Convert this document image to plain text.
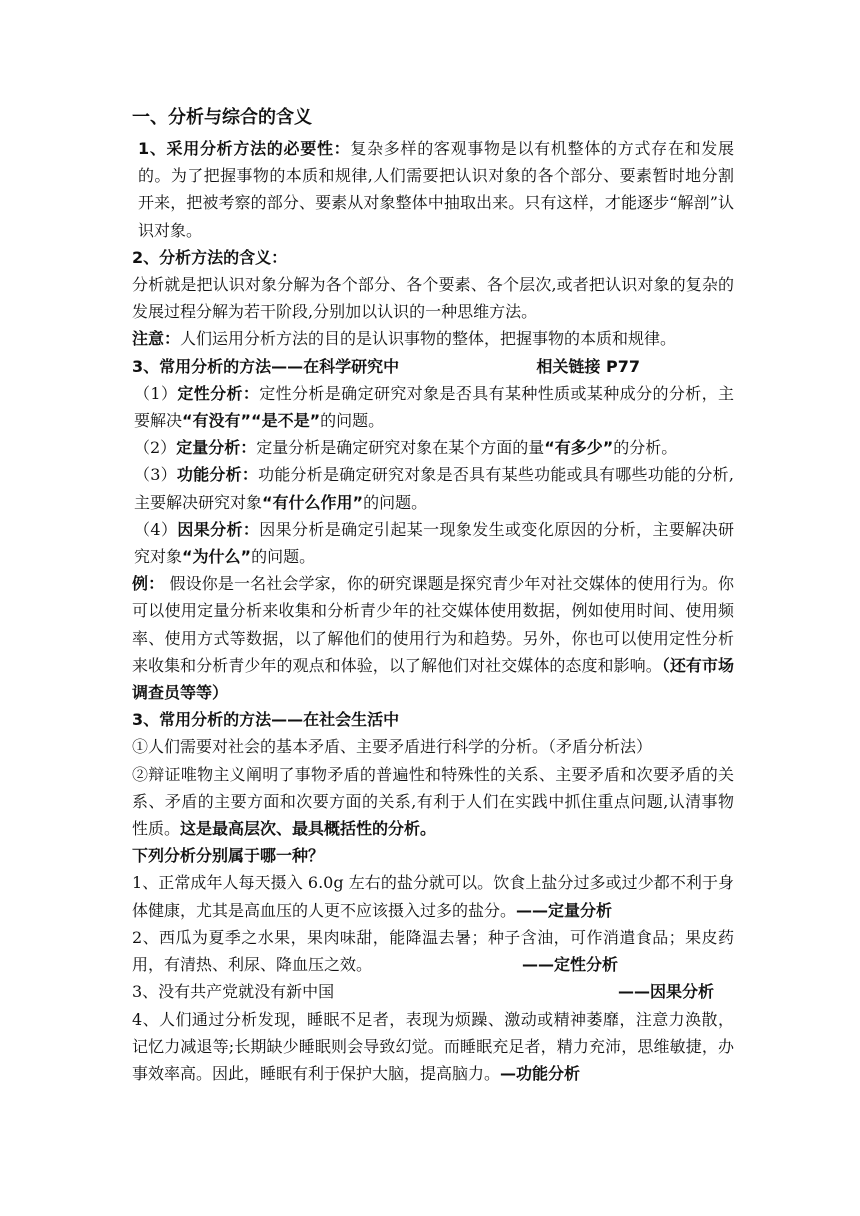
一、分析与综合的含义

1、采用分析方法的必要性：复杂多样的客观事物是以有机整体的方式存在和发展的。为了把握事物的本质和规律,人们需要把认识对象的各个部分、要素暂时地分割开来，把被考察的部分、要素从对象整体中抽取出来。只有这样，才能逐步“解剖”认识对象。

2、分析方法的含义：

分析就是把认识对象分解为各个部分、各个要素、各个层次,或者把认识对象的复杂的发展过程分解为若干阶段,分别加以认识的一种思维方法。

注意：人们运用分析方法的目的是认识事物的整体，把握事物的本质和规律。

3、常用分析的方法——在科学研究中	相关链接 P77

（1）定性分析：定性分析是确定研究对象是否具有某种性质或某种成分的分析，主要解决“有没有”“是不是”的问题。

（2）定量分析：定量分析是确定研究对象在某个方面的量“有多少”的分析。

（3）功能分析：功能分析是确定研究对象是否具有某些功能或具有哪些功能的分析,主要解决研究对象“有什么作用”的问题。

（4）因果分析：因果分析是确定引起某一现象发生或变化原因的分析，主要解决研究对象“为什么”的问题。

例： 假设你是一名社会学家，你的研究课题是探究青少年对社交媒体的使用行为。你可以使用定量分析来收集和分析青少年的社交媒体使用数据，例如使用时间、使用频率、使用方式等数据，以了解他们的使用行为和趋势。另外，你也可以使用定性分析来收集和分析青少年的观点和体验，以了解他们对社交媒体的态度和影响。（还有市场调查员等等）

3、常用分析的方法——在社会生活中

①人们需要对社会的基本矛盾、主要矛盾进行科学的分析。（矛盾分析法）

②辩证唯物主义阐明了事物矛盾的普遍性和特殊性的关系、主要矛盾和次要矛盾的关系、矛盾的主要方面和次要方面的关系,有利于人们在实践中抓住重点问题,认清事物性质。这是最高层次、最具概括性的分析。

下列分析分别属于哪一种？

1、正常成年人每天摄入 6.0g 左右的盐分就可以。饮食上盐分过多或过少都不利于身体健康，尤其是高血压的人更不应该摄入过多的盐分。——定量分析

2、西瓜为夏季之水果，果肉味甜，能降温去暑；种子含油，可作消遣食品；果皮药用，有清热、利尿、降血压之效。	——定性分析

3、没有共产党就没有新中国	——因果分析

4、人们通过分析发现，睡眠不足者，表现为烦躁、激动或精神萎靡，注意力涣散，记忆力减退等;长期缺少睡眠则会导致幻觉。而睡眠充足者，精力充沛，思维敏捷，办事效率高。因此，睡眠有利于保护大脑，提高脑力。—功能分析
